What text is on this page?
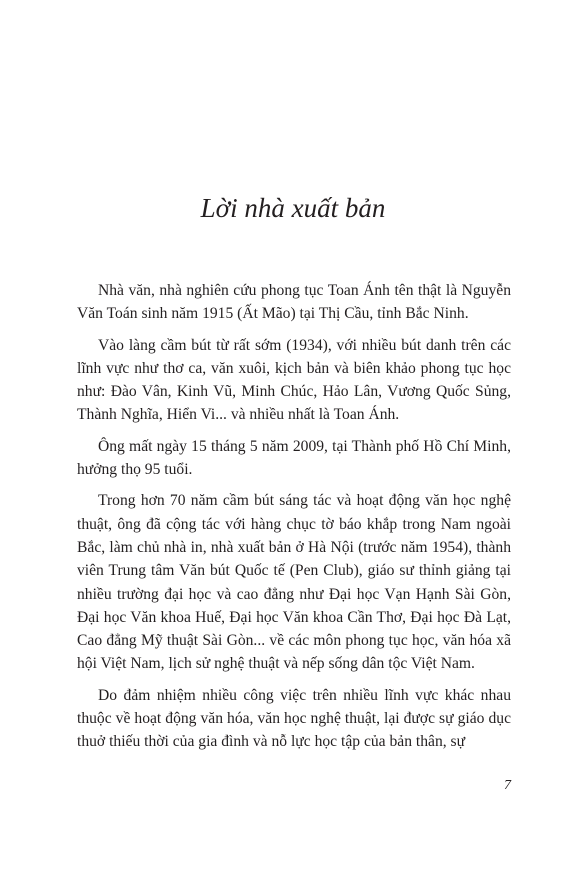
Lời nhà xuất bản

Nhà văn, nhà nghiên cứu phong tục Toan Ánh tên thật là Nguyễn Văn Toán sinh năm 1915 (Ất Mão) tại Thị Cầu, tỉnh Bắc Ninh.

Vào làng cầm bút từ rất sớm (1934), với nhiều bút danh trên các lĩnh vực như thơ ca, văn xuôi, kịch bản và biên khảo phong tục học như: Đào Vân, Kinh Vũ, Minh Chúc, Hảo Lân, Vương Quốc Sủng, Thành Nghĩa, Hiển Vi... và nhiều nhất là Toan Ánh.

Ông mất ngày 15 tháng 5 năm 2009, tại Thành phố Hồ Chí Minh, hưởng thọ 95 tuổi.

Trong hơn 70 năm cầm bút sáng tác và hoạt động văn học nghệ thuật, ông đã cộng tác với hàng chục tờ báo khắp trong Nam ngoài Bắc, làm chủ nhà in, nhà xuất bản ở Hà Nội (trước năm 1954), thành viên Trung tâm Văn bút Quốc tế (Pen Club), giáo sư thỉnh giảng tại nhiều trường đại học và cao đẳng như Đại học Vạn Hạnh Sài Gòn, Đại học Văn khoa Huế, Đại học Văn khoa Cần Thơ, Đại học Đà Lạt, Cao đẳng Mỹ thuật Sài Gòn... về các môn phong tục học, văn hóa xã hội Việt Nam, lịch sử nghệ thuật và nếp sống dân tộc Việt Nam.

Do đảm nhiệm nhiều công việc trên nhiều lĩnh vực khác nhau thuộc về hoạt động văn hóa, văn học nghệ thuật, lại được sự giáo dục thuở thiếu thời của gia đình và nỗ lực học tập của bản thân, sự

7
